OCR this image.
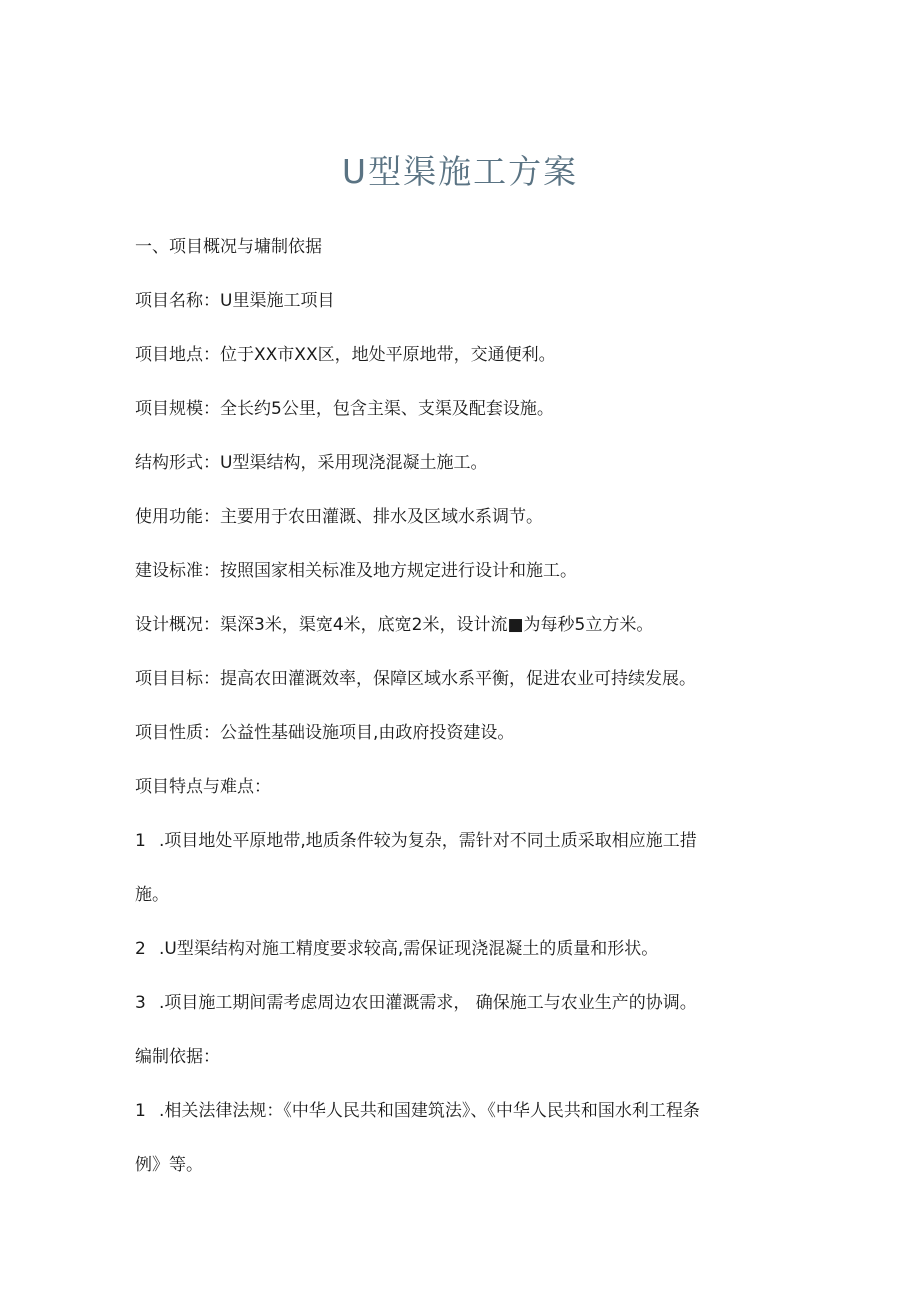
U型渠施工方案
一、项目概况与墉制依据
项目名称：U里渠施工项目
项目地点：位于XX市XX区，地处平原地带，交通便利。
项目规模：全长约5公里，包含主渠、支渠及配套设施。
结构形式：U型渠结构，采用现浇混凝土施工。
使用功能：主要用于农田灌溉、排水及区域水系调节。
建设标准：按照国家相关标准及地方规定进行设计和施工。
设计概况：渠深3米，渠宽4米，底宽2米，设计流■为每秒5立方米。
项目目标：提高农田灌溉效率，保障区域水系平衡，促进农业可持续发展。
项目性质：公益性基础设施项目,由政府投资建设。
项目特点与难点：
1 .项目地处平原地带,地质条件较为复杂，需针对不同土质采取相应施工措
施。
2 .U型渠结构对施工精度要求较高,需保证现浇混凝土的质量和形状。
3 .项目施工期间需考虑周边农田灌溉需求， 确保施工与农业生产的协调。
编制依据：
1 .相关法律法规：《中华人民共和国建筑法》、《中华人民共和国水利工程条
例》等。
